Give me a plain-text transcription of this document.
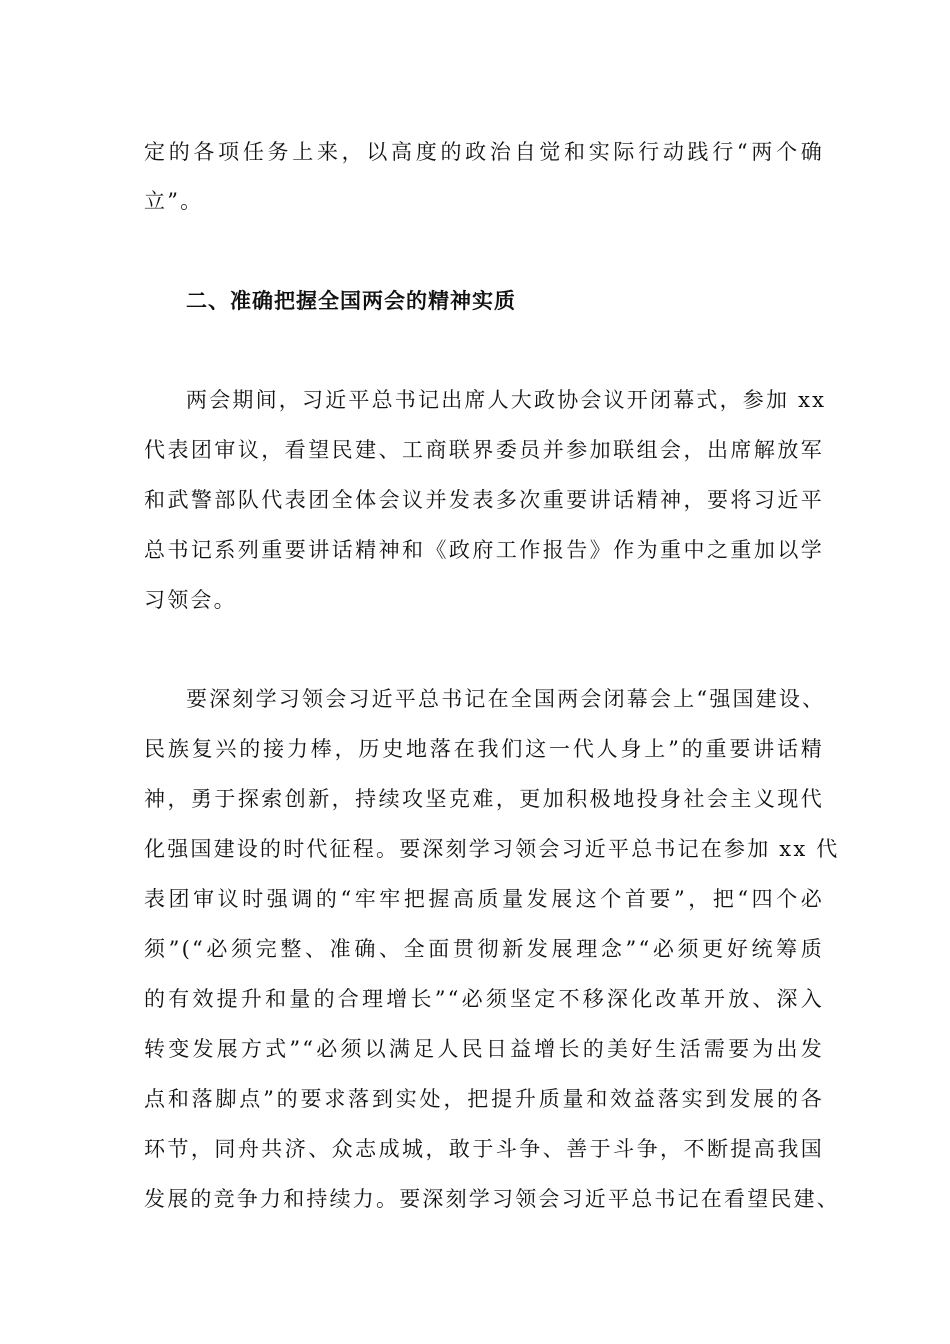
定的各项任务上来，以高度的政治自觉和实际行动践行“两个确
立”。
二、准确把握全国两会的精神实质
两会期间，习近平总书记出席人大政协会议开闭幕式，参加 xx
代表团审议，看望民建、工商联界委员并参加联组会，出席解放军
和武警部队代表团全体会议并发表多次重要讲话精神，要将习近平
总书记系列重要讲话精神和《政府工作报告》作为重中之重加以学
习领会。
要深刻学习领会习近平总书记在全国两会闭幕会上“强国建设、
民族复兴的接力棒，历史地落在我们这一代人身上”的重要讲话精
神，勇于探索创新，持续攻坚克难，更加积极地投身社会主义现代
化强国建设的时代征程。要深刻学习领会习近平总书记在参加 xx 代
表团审议时强调的“牢牢把握高质量发展这个首要”，把“四个必
须”(“必须完整、准确、全面贯彻新发展理念”“必须更好统筹质
的有效提升和量的合理增长”“必须坚定不移深化改革开放、深入
转变发展方式”“必须以满足人民日益增长的美好生活需要为出发
点和落脚点”的要求落到实处，把提升质量和效益落实到发展的各
环节，同舟共济、众志成城，敢于斗争、善于斗争，不断提高我国
发展的竞争力和持续力。要深刻学习领会习近平总书记在看望民建、
